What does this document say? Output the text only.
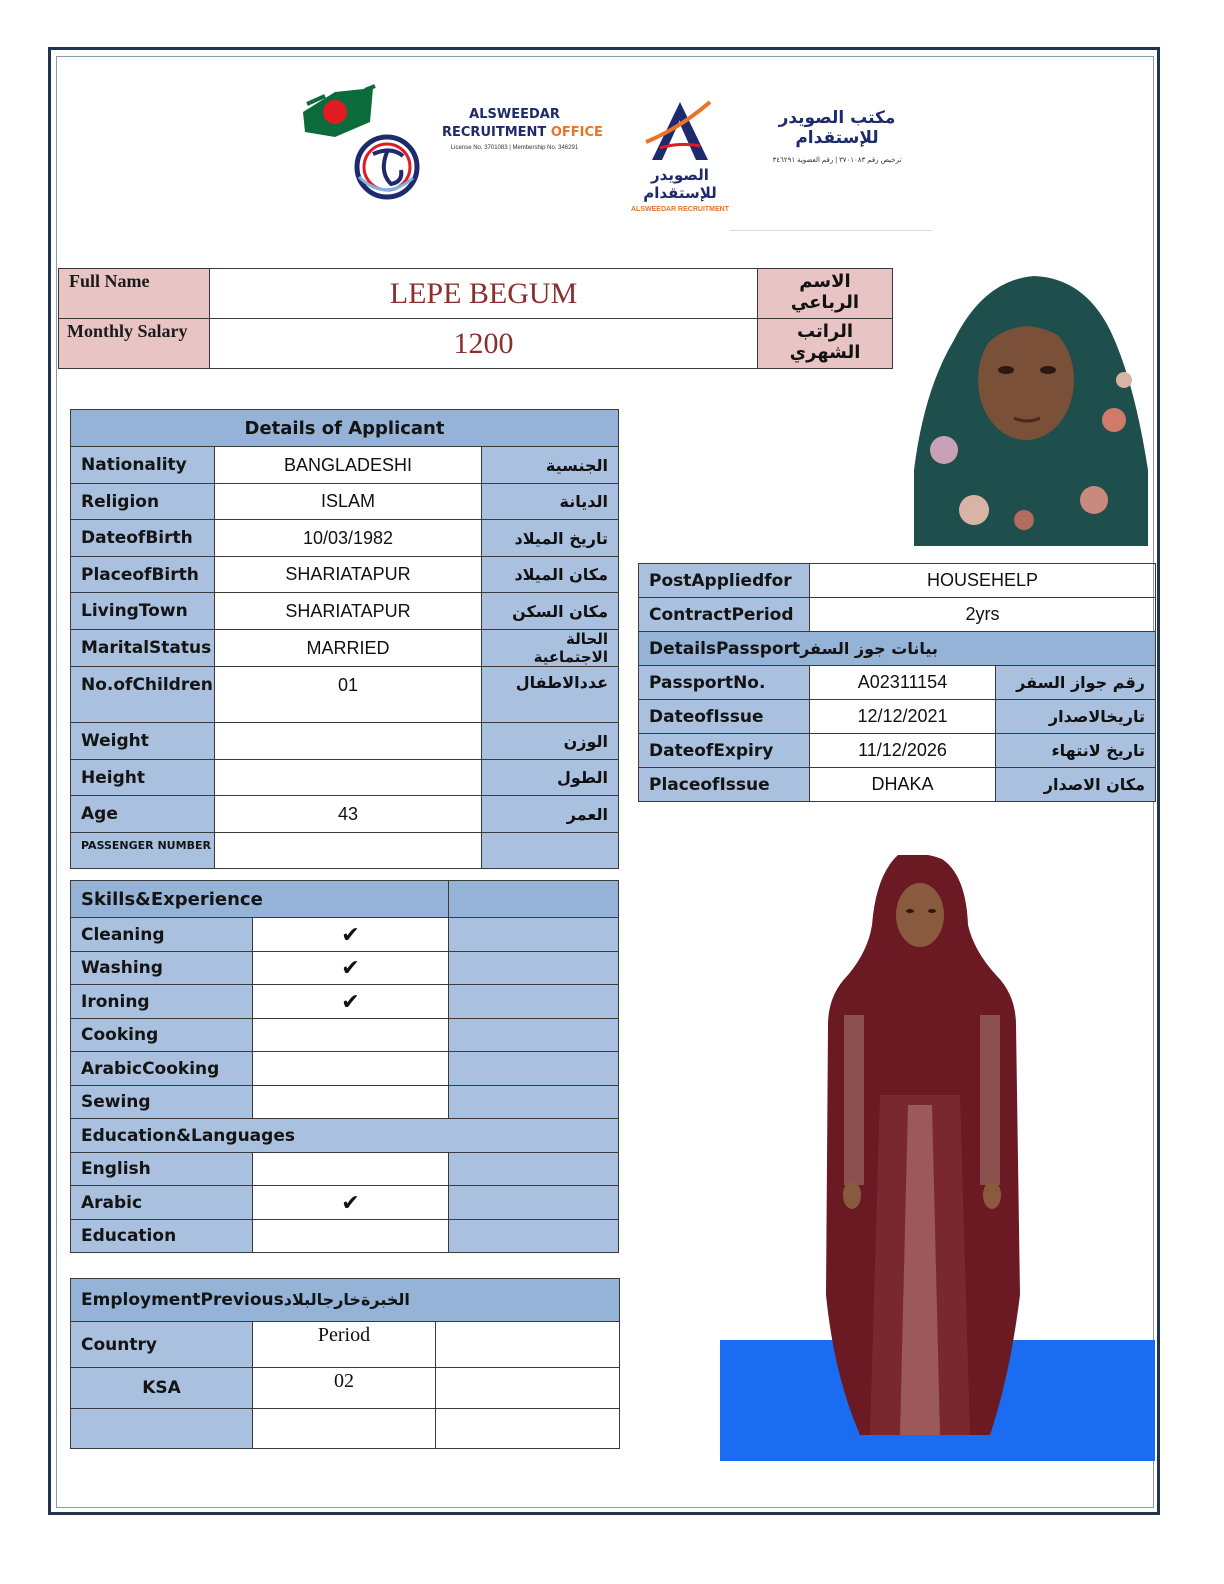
ALSWEEDAR
RECRUITMENT OFFICE
License No. 3701083 | Membership No. 346291
الصويدر للإستقدام
ALSWEEDAR RECRUITMENT
مكتب الصويدر للإستقدام
ترخيص رقم ٣٧٠١٠٨٣ | رقم العضوية ٣٤٦٢٩١
Full Name	LEPE BEGUM	الاسم الرباعي
Monthly Salary	1200	الراتب الشهري
Details of Applicant		
Nationality	BANGLADESHI	الجنسية
Religion	ISLAM	الديانة
DateofBirth	10/03/1982	تاريخ الميلاد
PlaceofBirth	SHARIATAPUR	مكان الميلاد
LivingTown	SHARIATAPUR	مكان السكن
MaritalStatus	MARRIED	الحالة الاجتماعية
No.ofChildren	01	عددالاطفال
Weight		الوزن
Height		الطول
Age	43	العمر
PASSENGER NUMBER		
Skills&Experience		
Cleaning	✔	
Washing	✔	
Ironing	✔	
Cooking		
ArabicCooking		
Sewing		
Education&Languages		
English		
Arabic	✔	
Education		
EmploymentPreviousالخبرةخارجالبلاد		
Country	Period	
KSA	02	

PostAppliedfor	HOUSEHELP	
ContractPeriod	2yrs	
DetailsPassportبيانات جوز السفر		
PassportNo.	A02311154	رقم جواز السفر
DateofIssue	12/12/2021	تاريخالاصدار
DateofExpiry	11/12/2026	تاريخ لانتهاء
PlaceofIssue	DHAKA	مكان الاصدار
